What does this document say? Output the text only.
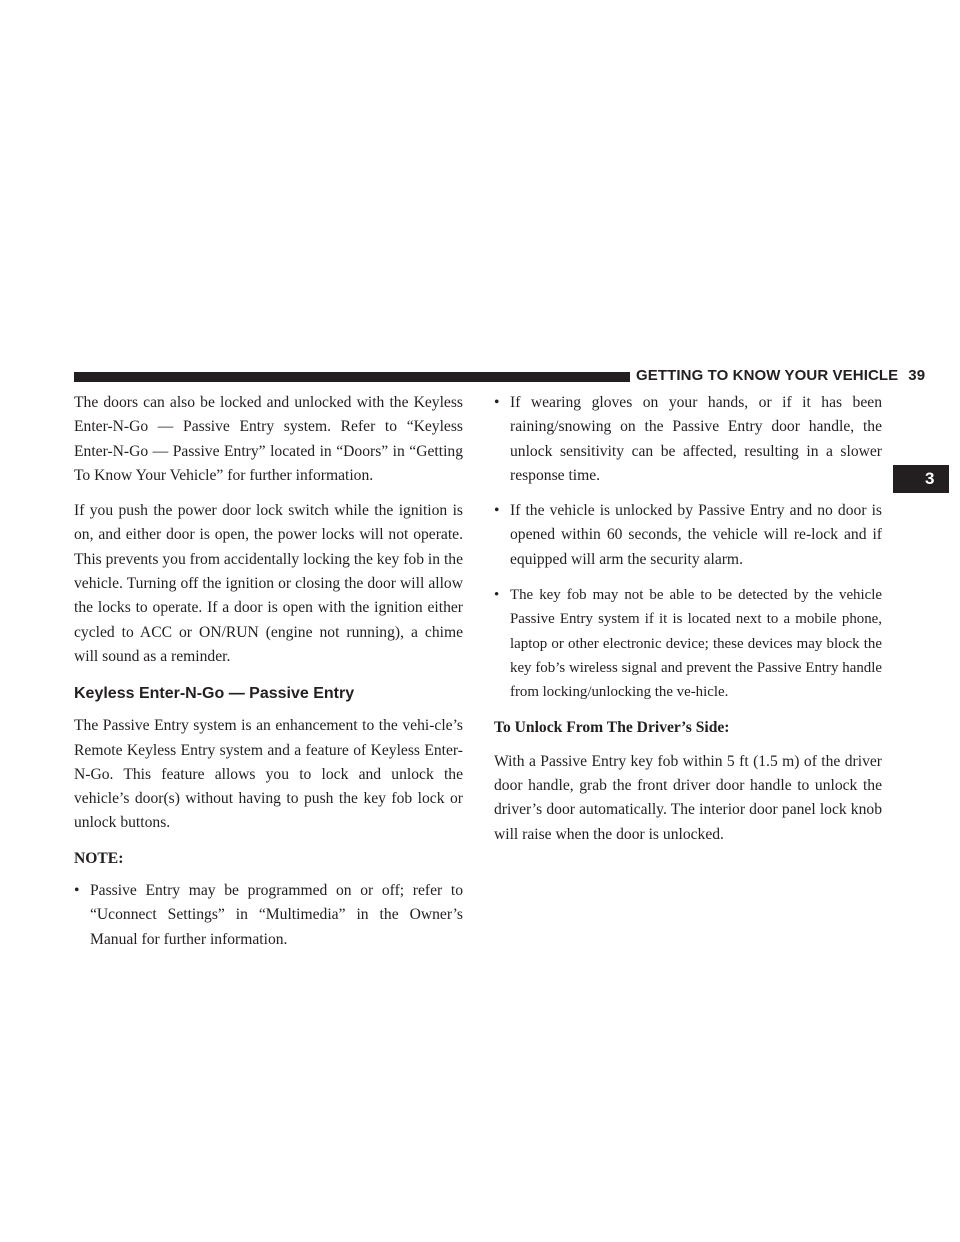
GETTING TO KNOW YOUR VEHICLE 39
3

The doors can also be locked and unlocked with the Keyless Enter-N-Go — Passive Entry system. Refer to “Keyless Enter-N-Go — Passive Entry” located in “Doors” in “Getting To Know Your Vehicle” for further information.

If you push the power door lock switch while the ignition is on, and either door is open, the power locks will not operate. This prevents you from accidentally locking the key fob in the vehicle. Turning off the ignition or closing the door will allow the locks to operate. If a door is open with the ignition either cycled to ACC or ON/RUN (engine not running), a chime will sound as a reminder.

Keyless Enter-N-Go — Passive Entry

The Passive Entry system is an enhancement to the vehi-cle’s Remote Keyless Entry system and a feature of Keyless Enter-N-Go. This feature allows you to lock and unlock the vehicle’s door(s) without having to push the key fob lock or unlock buttons.

NOTE:

• Passive Entry may be programmed on or off; refer to “Uconnect Settings” in “Multimedia” in the Owner’s Manual for further information.
• If wearing gloves on your hands, or if it has been raining/snowing on the Passive Entry door handle, the unlock sensitivity can be affected, resulting in a slower response time.
• If the vehicle is unlocked by Passive Entry and no door is opened within 60 seconds, the vehicle will re-lock and if equipped will arm the security alarm.
• The key fob may not be able to be detected by the vehicle Passive Entry system if it is located next to a mobile phone, laptop or other electronic device; these devices may block the key fob’s wireless signal and prevent the Passive Entry handle from locking/unlocking the ve-hicle.

To Unlock From The Driver’s Side:

With a Passive Entry key fob within 5 ft (1.5 m) of the driver door handle, grab the front driver door handle to unlock the driver’s door automatically. The interior door panel lock knob will raise when the door is unlocked.
